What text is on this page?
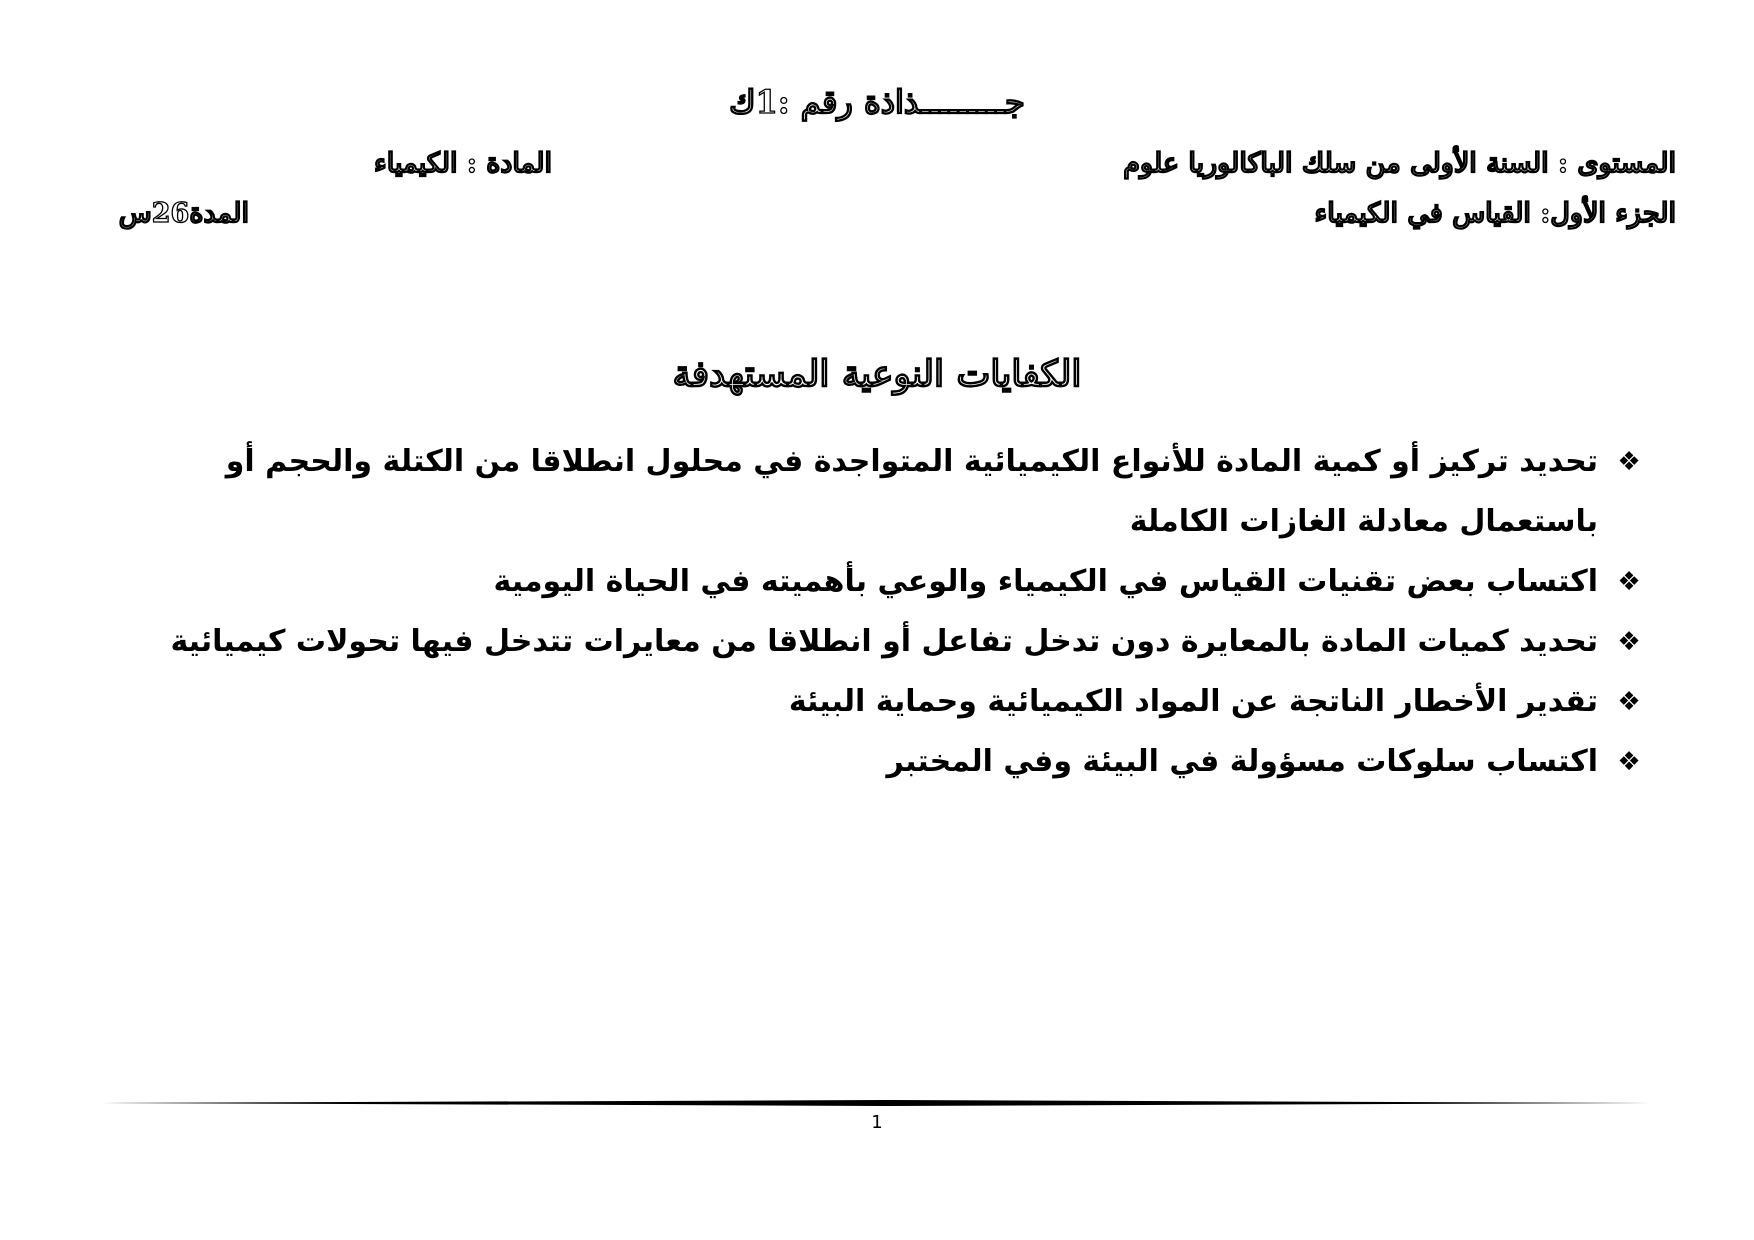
جـــــــــذاذة رقم :1ك
المستوى : السنة الأولى من سلك الباكالوريا علوم
المادة : الكيمياء
الجزء الأول: القياس في الكيمياء
المدة26س
الكفايات النوعية المستهدفة
❖
تحديد تركيز أو كمية المادة للأنواع الكيميائية المتواجدة في محلول انطلاقا من الكتلة والحجم أو باستعمال معادلة الغازات الكاملة
❖
اكتساب بعض تقنيات القياس في الكيمياء والوعي بأهميته في الحياة اليومية
❖
تحديد كميات المادة بالمعايرة دون تدخل تفاعل أو انطلاقا من معايرات تتدخل فيها تحولات كيميائية
❖
تقدير الأخطار الناتجة عن المواد الكيميائية وحماية البيئة
❖
اكتساب سلوكات مسؤولة في البيئة وفي المختبر
1
